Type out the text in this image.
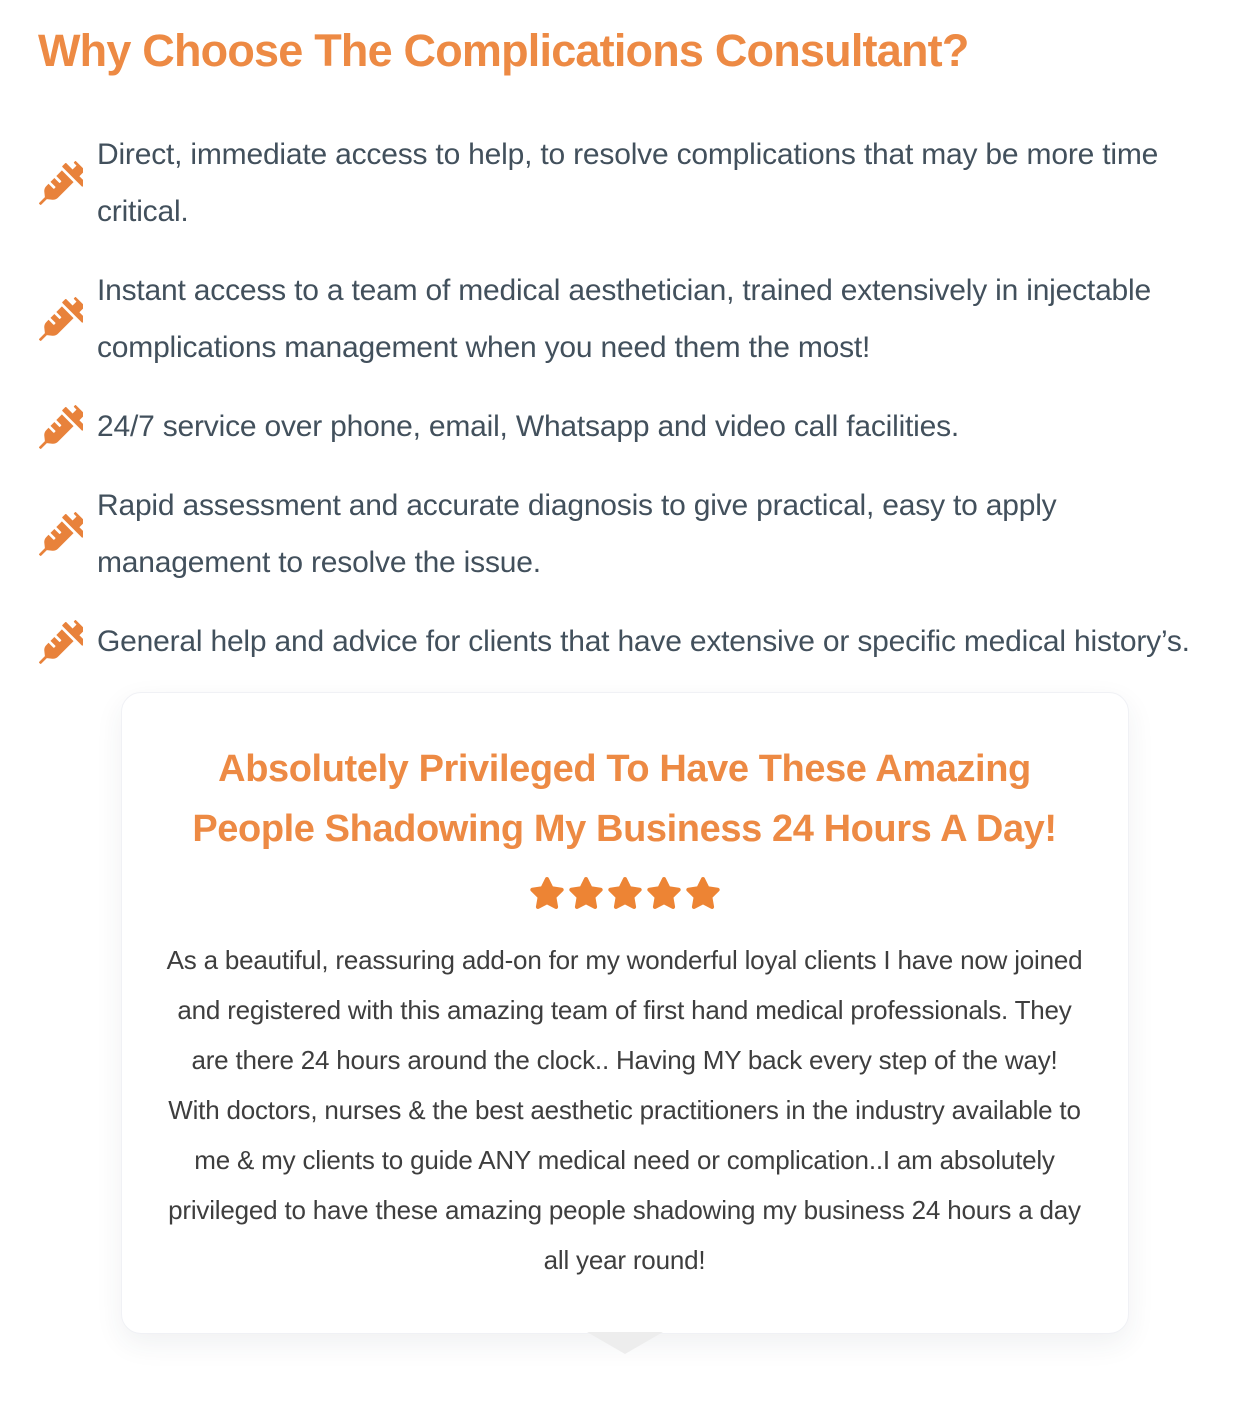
Why Choose The Complications Consultant?
Direct, immediate access to help, to resolve complications that may be more time critical.
Instant access to a team of medical aesthetician, trained extensively in injectable complications management when you need them the most!
24/7 service over phone, email, Whatsapp and video call facilities.
Rapid assessment and accurate diagnosis to give practical, easy to apply management to resolve the issue.
General help and advice for clients that have extensive or specific medical history’s.
Absolutely Privileged To Have These Amazing People Shadowing My Business 24 Hours A Day!

As a beautiful, reassuring add-on for my wonderful loyal clients I have now joined and registered with this amazing team of first hand medical professionals. They are there 24 hours around the clock.. Having MY back every step of the way! With doctors, nurses & the best aesthetic practitioners in the industry available to me & my clients to guide ANY medical need or complication..I am absolutely privileged to have these amazing people shadowing my business 24 hours a day all year round!
